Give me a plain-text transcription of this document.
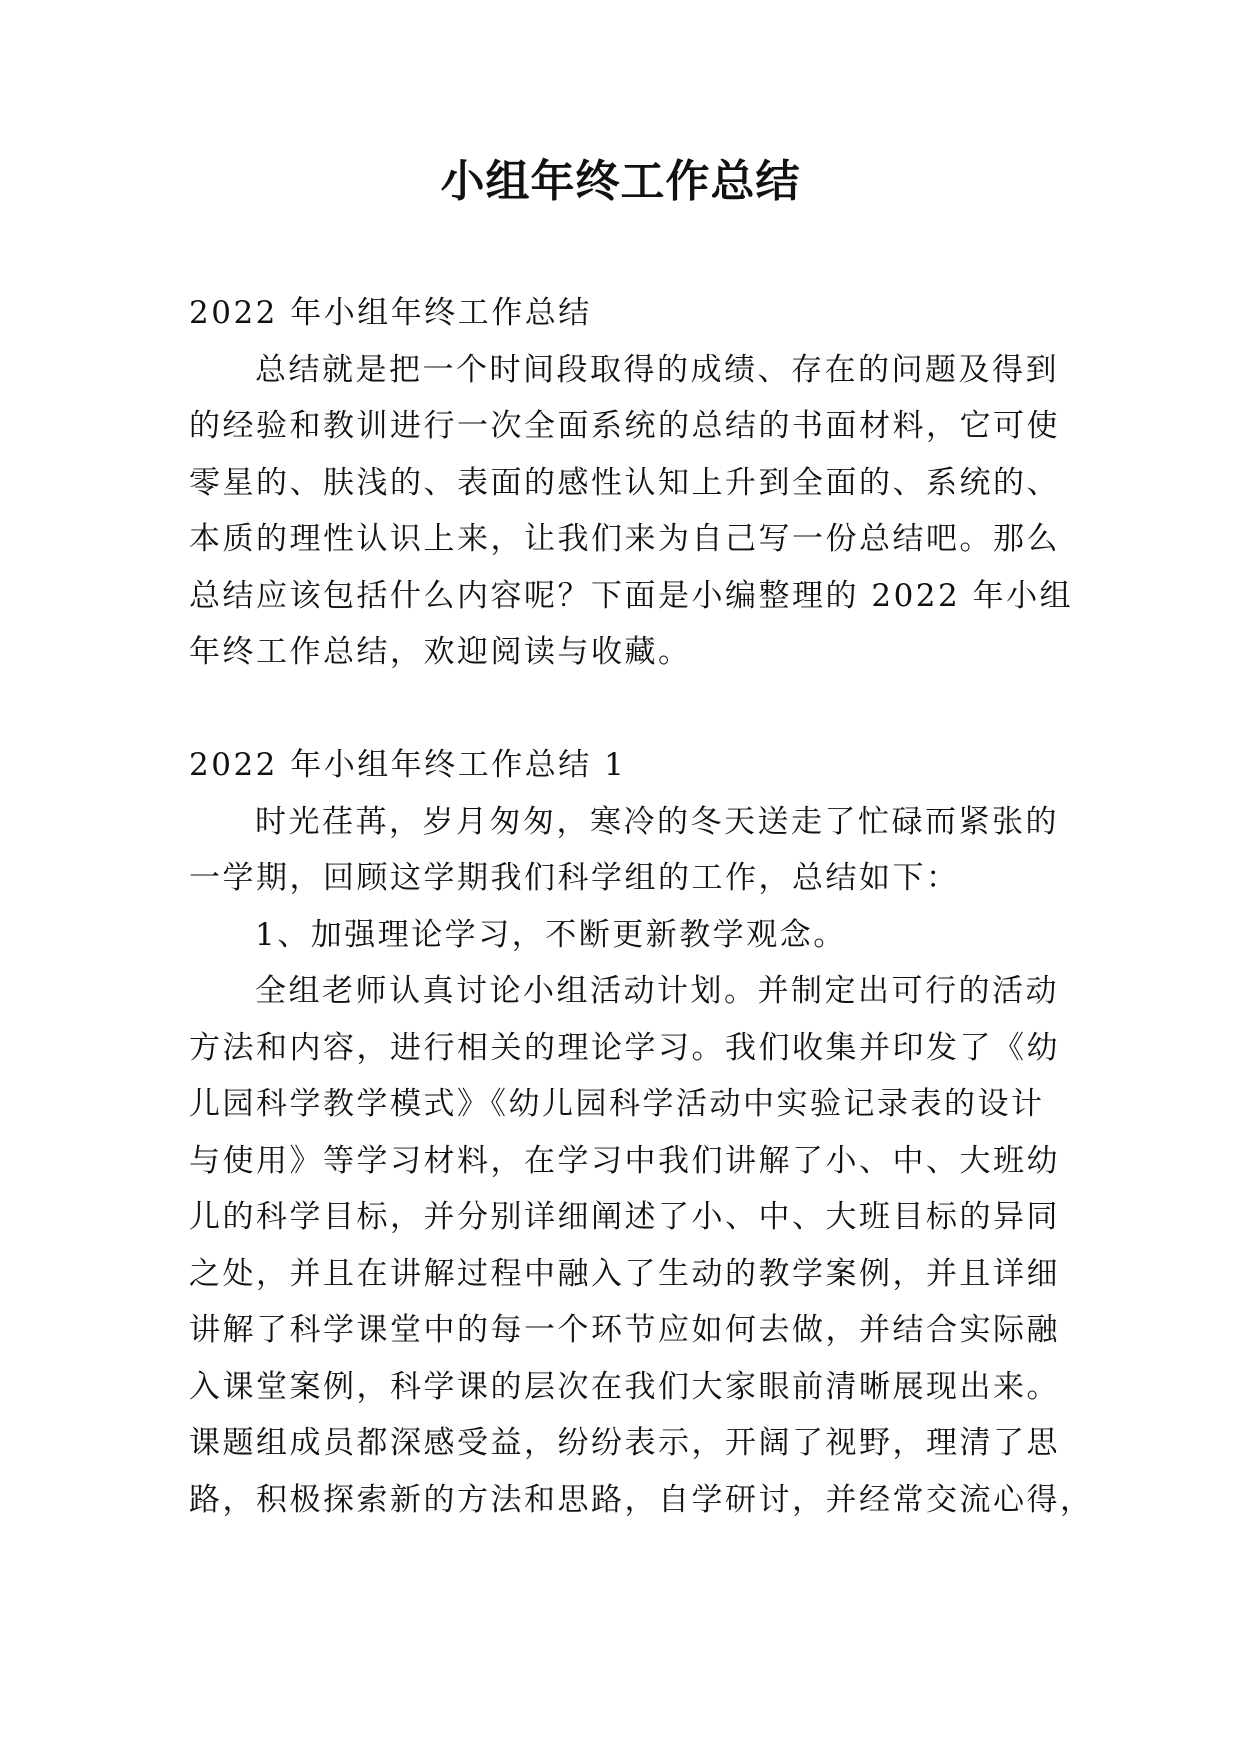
小组年终工作总结
2022 年小组年终工作总结
总结就是把一个时间段取得的成绩、存在的问题及得到
的经验和教训进行一次全面系统的总结的书面材料，它可使
零星的、肤浅的、表面的感性认知上升到全面的、系统的、
本质的理性认识上来，让我们来为自己写一份总结吧。那么
总结应该包括什么内容呢？下面是小编整理的 2022 年小组
年终工作总结，欢迎阅读与收藏。
2022 年小组年终工作总结 1
时光荏苒，岁月匆匆，寒冷的冬天送走了忙碌而紧张的
一学期，回顾这学期我们科学组的工作，总结如下：
1、加强理论学习，不断更新教学观念。
全组老师认真讨论小组活动计划。并制定出可行的活动
方法和内容，进行相关的理论学习。我们收集并印发了《幼
儿园科学教学模式》《幼儿园科学活动中实验记录表的设计
与使用》等学习材料，在学习中我们讲解了小、中、大班幼
儿的科学目标，并分别详细阐述了小、中、大班目标的异同
之处，并且在讲解过程中融入了生动的教学案例，并且详细
讲解了科学课堂中的每一个环节应如何去做，并结合实际融
入课堂案例，科学课的层次在我们大家眼前清晰展现出来。
课题组成员都深感受益，纷纷表示，开阔了视野，理清了思
路，积极探索新的方法和思路，自学研讨，并经常交流心得，
